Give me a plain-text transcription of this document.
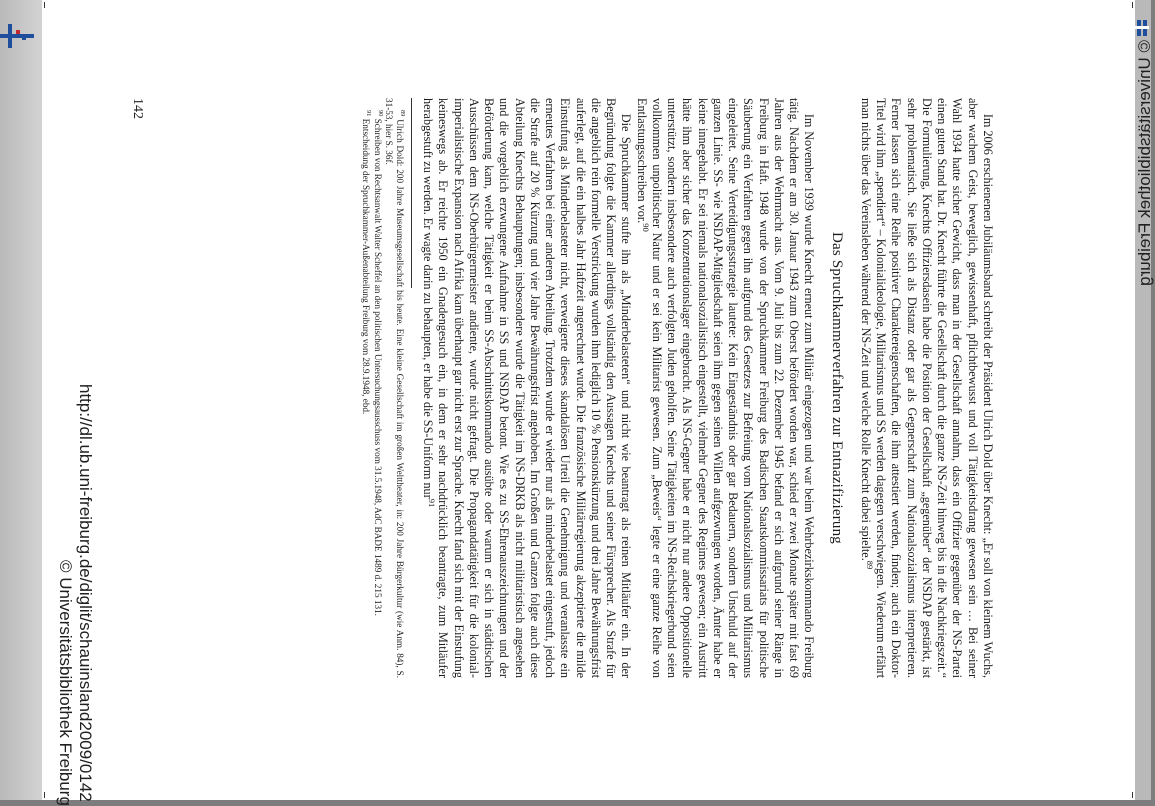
© Universitätsbibliothek Freiburg

Im 2006 erschienenen Jubiläumsband schreibt der Präsident Ulrich Dold über Knecht: „Er soll von kleinem Wuchs, aber wachem Geist, beweglich, gewissenhaft, pflichtbewusst und voll Tätigkeitsdrang gewesen sein … Bei seiner Wahl 1934 hatte sicher Gewicht, dass man in der Gesellschaft annahm, dass ein Offizier gegenüber der NS-Partei einen guten Stand hat. Dr. Knecht führte die Gesellschaft durch die ganze NS-Zeit hinweg bis in die Nachkriegszeit.“ Die Formulierung, Knechts Offiziersdasein habe die Position der Gesellschaft „gegenüber“ der NSDAP gestärkt, ist sehr problematisch. Sie ließe sich als Distanz oder gar als Gegnerschaft zum Nationalsozialismus interpretieren. Ferner lassen sich eine Reihe positiver Charaktereigenschaften, die ihm attestiert werden, finden; auch ein Doktor-Titel wird ihm „spendiert“ – Kolonialideologie, Militarismus und SS werden dagegen verschwiegen. Wiederum erfährt man nichts über das Vereinsleben während der NS-Zeit und welche Rolle Knecht dabei spielte.$^{89}$

Das Spruchkammerverfahren zur Entnazifizierung

Im November 1939 wurde Knecht erneut zum Militär eingezogen und war beim Wehrbezirkskommando Freiburg tätig. Nachdem er am 30. Januar 1943 zum Oberst befördert worden war, schied er zwei Monate später mit fast 69 Jahren aus der Wehrmacht aus. Vom 9. Juli bis zum 22. Dezember 1945 befand er sich aufgrund seiner Ränge in Freiburg in Haft. 1948 wurde von der Spruchkammer Freiburg des Badischen Staatskommissariats für politische Säuberung ein Verfahren gegen ihn aufgrund des Gesetzes zur Befreiung vom Nationalsozialismus und Militarismus eingeleitet. Seine Verteidigungsstrategie lautete: Kein Eingeständnis oder gar Bedauern, sondern Unschuld auf der ganzen Linie. SS- wie NSDAP-Mitgliedschaft seien ihm gegen seinen Willen aufgezwungen worden, Ämter habe er keine innegehabt. Er sei niemals nationalsozialistisch eingestellt, vielmehr Gegner des Regimes gewesen; ein Austritt hätte ihm aber sicher das Konzentrationslager eingebracht. Als NS-Gegner habe er nicht nur andere Oppositionelle unterstützt, sondern insbesondere auch verfolgten Juden geholfen. Seine Tätigkeiten im NS-Reichskriegerbund seien vollkommen unpolitischer Natur und er sei kein Militarist gewesen. Zum „Beweis“ legte er eine ganze Reihe von Entlastungsschreiben vor.$^{90}$

Die Spruchkammer stufte ihn als „Minderbelasteten“ und nicht wie beantragt als reinen Mitläufer ein. In der Begründung folgte die Kammer allerdings vollständig den Aussagen Knechts und seiner Fürsprecher. Als Strafe für die angeblich rein formelle Verstrickung wurden ihm lediglich 10 % Pensionskürzung und drei Jahre Bewährungsfrist auferlegt, auf die ein halbes Jahr Haftzeit angerechnet wurde. Die französische Militärregierung akzeptierte die milde Einstufung als Minderbelasteter nicht, verweigerte dieses skandalösen Urteil die Genehmigung und veranlasste ein erneutes Verfahren bei einer anderen Abteilung. Trotzdem wurde er wieder nur als minderbelastet eingestuft, jedoch die Strafe auf 20 % Kürzung und vier Jahre Bewährungsfrist angehoben. Im Großen und Ganzen folgte auch diese Abteilung Knechts Behauptungen; insbesondere wurde die Tätigkeit im NS-DRKB als nicht militaristisch angesehen und die vorgeblich erzwungene Aufnahme in SS und NSDAP betont. Wie es zu SS-Ehrenauszeichnungen und der Beförderung kam, welche Tätigkeit er beim SS-Abschnittskommando ausübte oder warum er sich in städtischen Ausschüssen dem NS-Oberbürgermeister andiente, wurde nicht gefragt. Die Propagandatätigkeit für die kolonial-imperialistische Expansion nach Afrika kam überhaupt gar nicht erst zur Sprache. Knecht fand sich mit der Einstufung keineswegs ab. Er reichte 1950 ein Gnadengesuch ein, in dem er sehr nachdrücklich beantragte, zum Mitläufer herabgestuft zu werden. Er wagte darin zu behaupten, er habe die SS-Uniform nur$^{91}$

$^{89}$ Ulrich Dold: 200 Jahre Museumsgesellschaft bis heute. Eine kleine Gesellschaft im großen Welttheater, in: 200 Jahre Bürgerkultur (wie Anm. 84), S. 31-53, hier S. 36f.

$^{90}$ Schreiben von Rechtsanwalt Walter Scheffel an den politischen Untersuchungsausschuss vom 31.5.1948, AdC BADE 1489 d. 215 131.

$^{91}$ Entscheidung der Spruchkammer-Außenabteilung Freiburg vom 28.9.1948, ebd.

142
http://dl.ub.uni-freiburg.de/diglit/schauinsland2009/0142
© Universitätsbibliothek Freiburg
